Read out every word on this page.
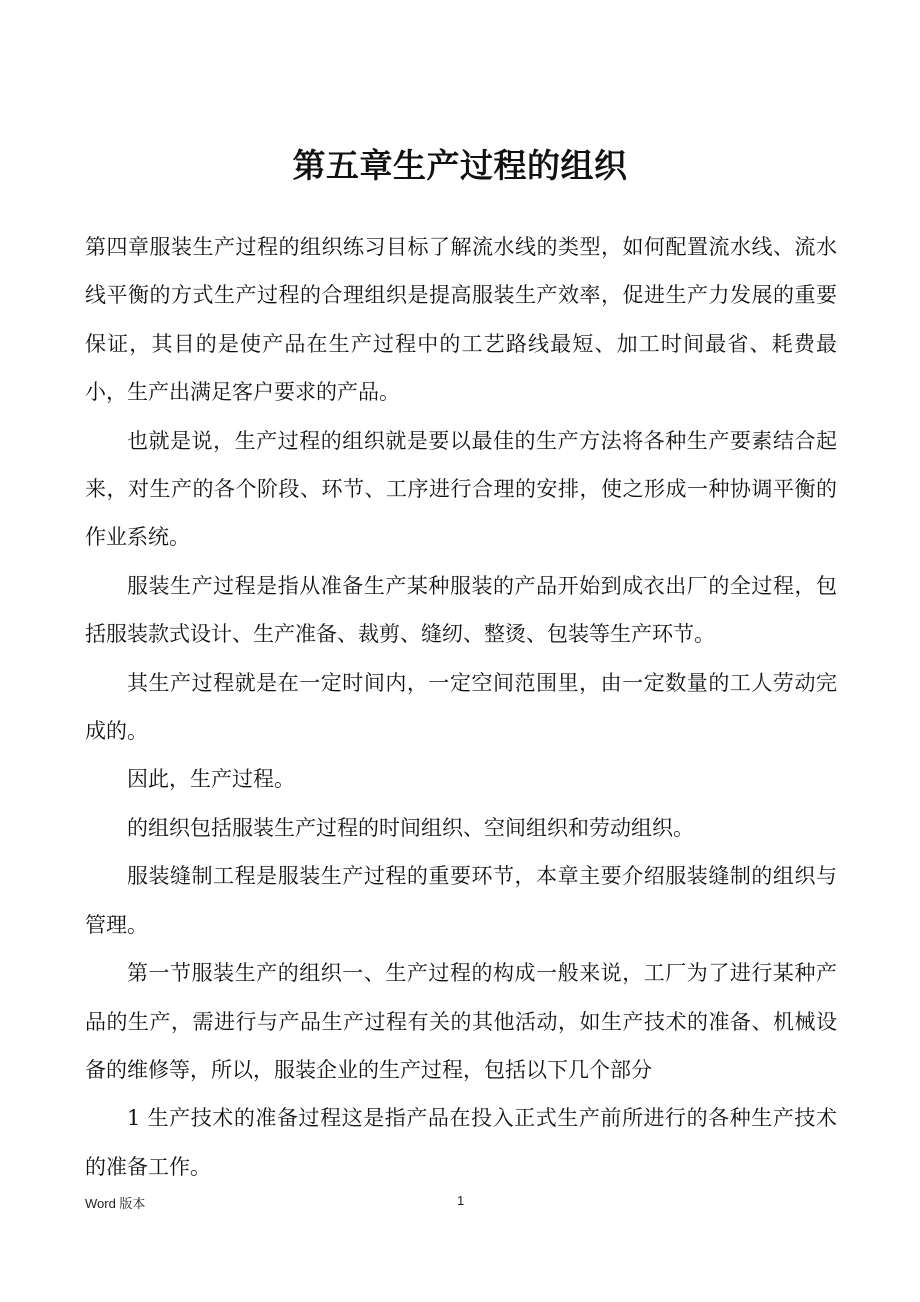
第五章生产过程的组织

第四章服装生产过程的组织练习目标了解流水线的类型，如何配置流水线、流水线平衡的方式生产过程的合理组织是提高服装生产效率，促进生产力发展的重要保证，其目的是使产品在生产过程中的工艺路线最短、加工时间最省、耗费最小，生产出满足客户要求的产品。

也就是说，生产过程的组织就是要以最佳的生产方法将各种生产要素结合起来，对生产的各个阶段、环节、工序进行合理的安排，使之形成一种协调平衡的作业系统。

服装生产过程是指从准备生产某种服装的产品开始到成衣出厂的全过程，包括服装款式设计、生产准备、裁剪、缝纫、整烫、包装等生产环节。

其生产过程就是在一定时间内，一定空间范围里，由一定数量的工人劳动完成的。

因此，生产过程。

的组织包括服装生产过程的时间组织、空间组织和劳动组织。

服装缝制工程是服装生产过程的重要环节，本章主要介绍服装缝制的组织与管理。

第一节服装生产的组织一、生产过程的构成一般来说，工厂为了进行某种产品的生产，需进行与产品生产过程有关的其他活动，如生产技术的准备、机械设备的维修等，所以，服装企业的生产过程，包括以下几个部分

1 生产技术的准备过程这是指产品在投入正式生产前所进行的各种生产技术的准备工作。

Word 版本	1
